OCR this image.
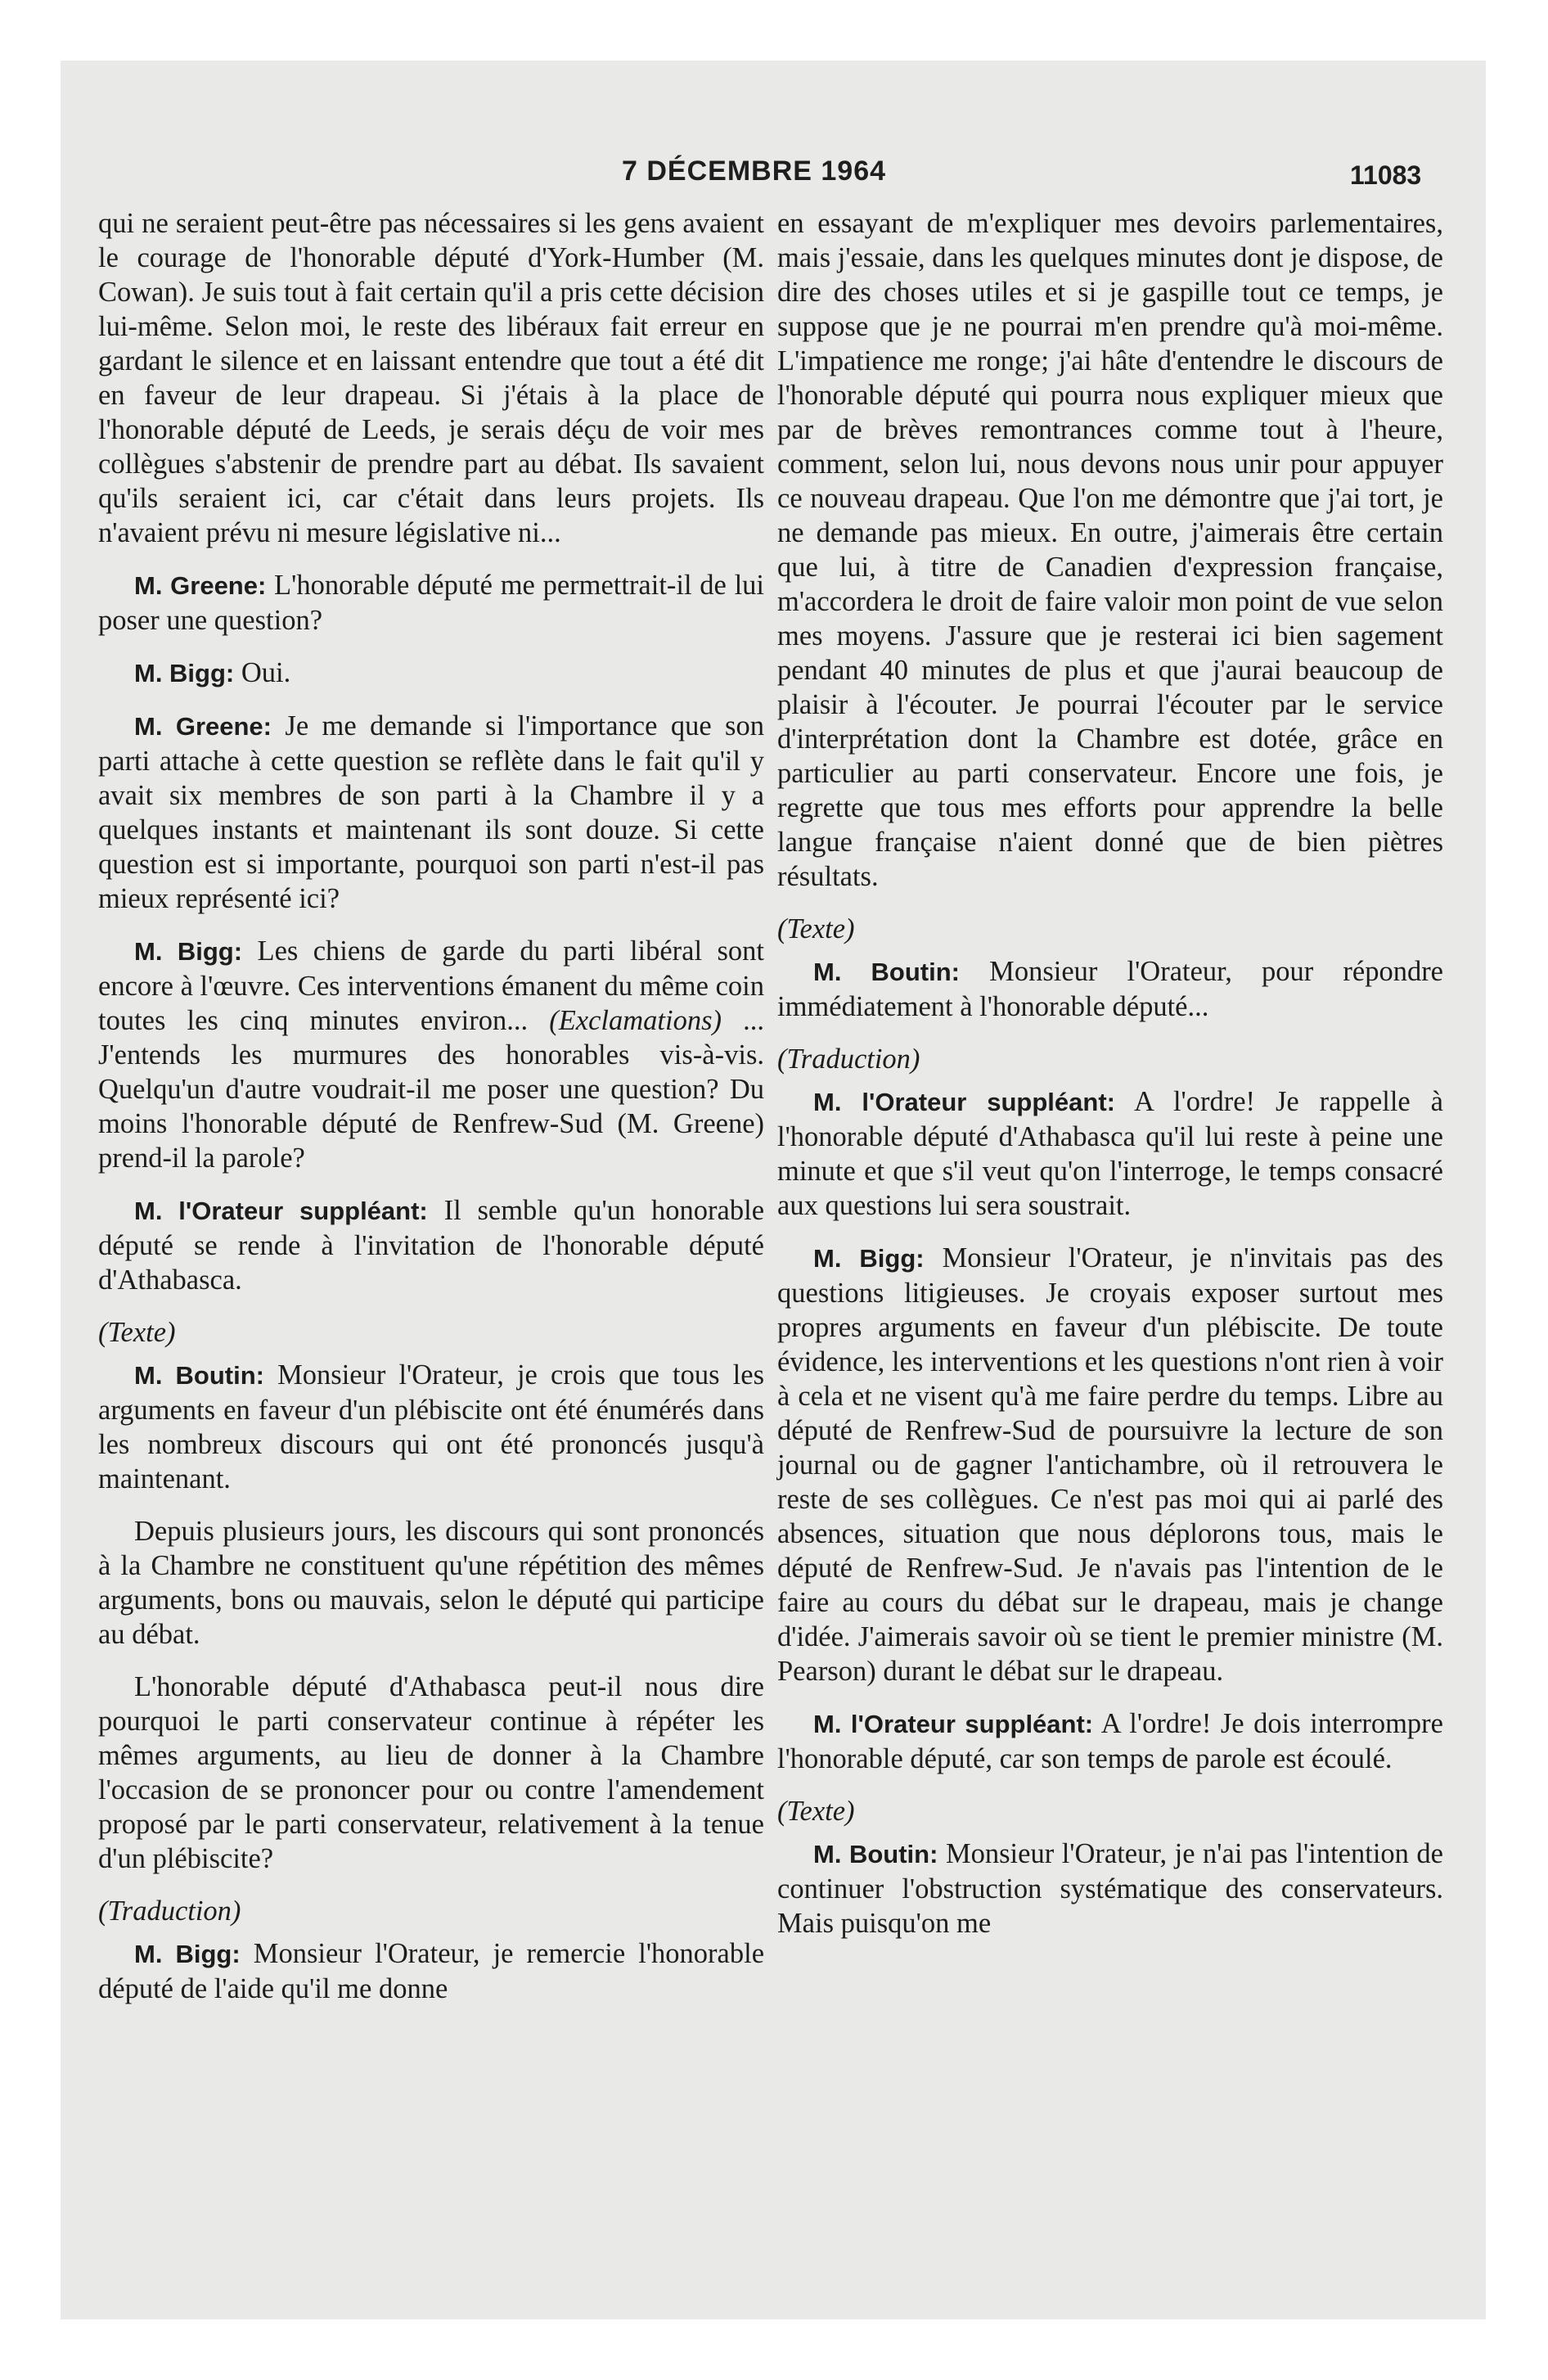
7 DÉCEMBRE 1964	11083

qui ne seraient peut-être pas nécessaires si les gens avaient le courage de l'honorable député d'York-Humber (M. Cowan). Je suis tout à fait certain qu'il a pris cette décision lui-même. Selon moi, le reste des libéraux fait erreur en gardant le silence et en laissant entendre que tout a été dit en faveur de leur drapeau. Si j'étais à la place de l'honorable député de Leeds, je serais déçu de voir mes collègues s'abstenir de prendre part au débat. Ils savaient qu'ils seraient ici, car c'était dans leurs projets. Ils n'avaient prévu ni mesure législative ni...

M. Greene: L'honorable député me permettrait-il de lui poser une question?

M. Bigg: Oui.

M. Greene: Je me demande si l'importance que son parti attache à cette question se reflète dans le fait qu'il y avait six membres de son parti à la Chambre il y a quelques instants et maintenant ils sont douze. Si cette question est si importante, pourquoi son parti n'est-il pas mieux représenté ici?

M. Bigg: Les chiens de garde du parti libéral sont encore à l'œuvre. Ces interventions émanent du même coin toutes les cinq minutes environ... (Exclamations) ... J'entends les murmures des honorables vis-à-vis. Quelqu'un d'autre voudrait-il me poser une question? Du moins l'honorable député de Renfrew-Sud (M. Greene) prend-il la parole?

M. l'Orateur suppléant: Il semble qu'un honorable député se rende à l'invitation de l'honorable député d'Athabasca.

(Texte)

M. Boutin: Monsieur l'Orateur, je crois que tous les arguments en faveur d'un plébiscite ont été énumérés dans les nombreux discours qui ont été prononcés jusqu'à maintenant.

Depuis plusieurs jours, les discours qui sont prononcés à la Chambre ne constituent qu'une répétition des mêmes arguments, bons ou mauvais, selon le député qui participe au débat.

L'honorable député d'Athabasca peut-il nous dire pourquoi le parti conservateur continue à répéter les mêmes arguments, au lieu de donner à la Chambre l'occasion de se prononcer pour ou contre l'amendement proposé par le parti conservateur, relativement à la tenue d'un plébiscite?

(Traduction)

M. Bigg: Monsieur l'Orateur, je remercie l'honorable député de l'aide qu'il me donne

en essayant de m'expliquer mes devoirs parlementaires, mais j'essaie, dans les quelques minutes dont je dispose, de dire des choses utiles et si je gaspille tout ce temps, je suppose que je ne pourrai m'en prendre qu'à moi-même. L'impatience me ronge; j'ai hâte d'entendre le discours de l'honorable député qui pourra nous expliquer mieux que par de brèves remontrances comme tout à l'heure, comment, selon lui, nous devons nous unir pour appuyer ce nouveau drapeau. Que l'on me démontre que j'ai tort, je ne demande pas mieux. En outre, j'aimerais être certain que lui, à titre de Canadien d'expression française, m'accordera le droit de faire valoir mon point de vue selon mes moyens. J'assure que je resterai ici bien sagement pendant 40 minutes de plus et que j'aurai beaucoup de plaisir à l'écouter. Je pourrai l'écouter par le service d'interprétation dont la Chambre est dotée, grâce en particulier au parti conservateur. Encore une fois, je regrette que tous mes efforts pour apprendre la belle langue française n'aient donné que de bien piètres résultats.

(Texte)

M. Boutin: Monsieur l'Orateur, pour répondre immédiatement à l'honorable député...

(Traduction)

M. l'Orateur suppléant: A l'ordre! Je rappelle à l'honorable député d'Athabasca qu'il lui reste à peine une minute et que s'il veut qu'on l'interroge, le temps consacré aux questions lui sera soustrait.

M. Bigg: Monsieur l'Orateur, je n'invitais pas des questions litigieuses. Je croyais exposer surtout mes propres arguments en faveur d'un plébiscite. De toute évidence, les interventions et les questions n'ont rien à voir à cela et ne visent qu'à me faire perdre du temps. Libre au député de Renfrew-Sud de poursuivre la lecture de son journal ou de gagner l'antichambre, où il retrouvera le reste de ses collègues. Ce n'est pas moi qui ai parlé des absences, situation que nous déplorons tous, mais le député de Renfrew-Sud. Je n'avais pas l'intention de le faire au cours du débat sur le drapeau, mais je change d'idée. J'aimerais savoir où se tient le premier ministre (M. Pearson) durant le débat sur le drapeau.

M. l'Orateur suppléant: A l'ordre! Je dois interrompre l'honorable député, car son temps de parole est écoulé.

(Texte)

M. Boutin: Monsieur l'Orateur, je n'ai pas l'intention de continuer l'obstruction systématique des conservateurs. Mais puisqu'on me
